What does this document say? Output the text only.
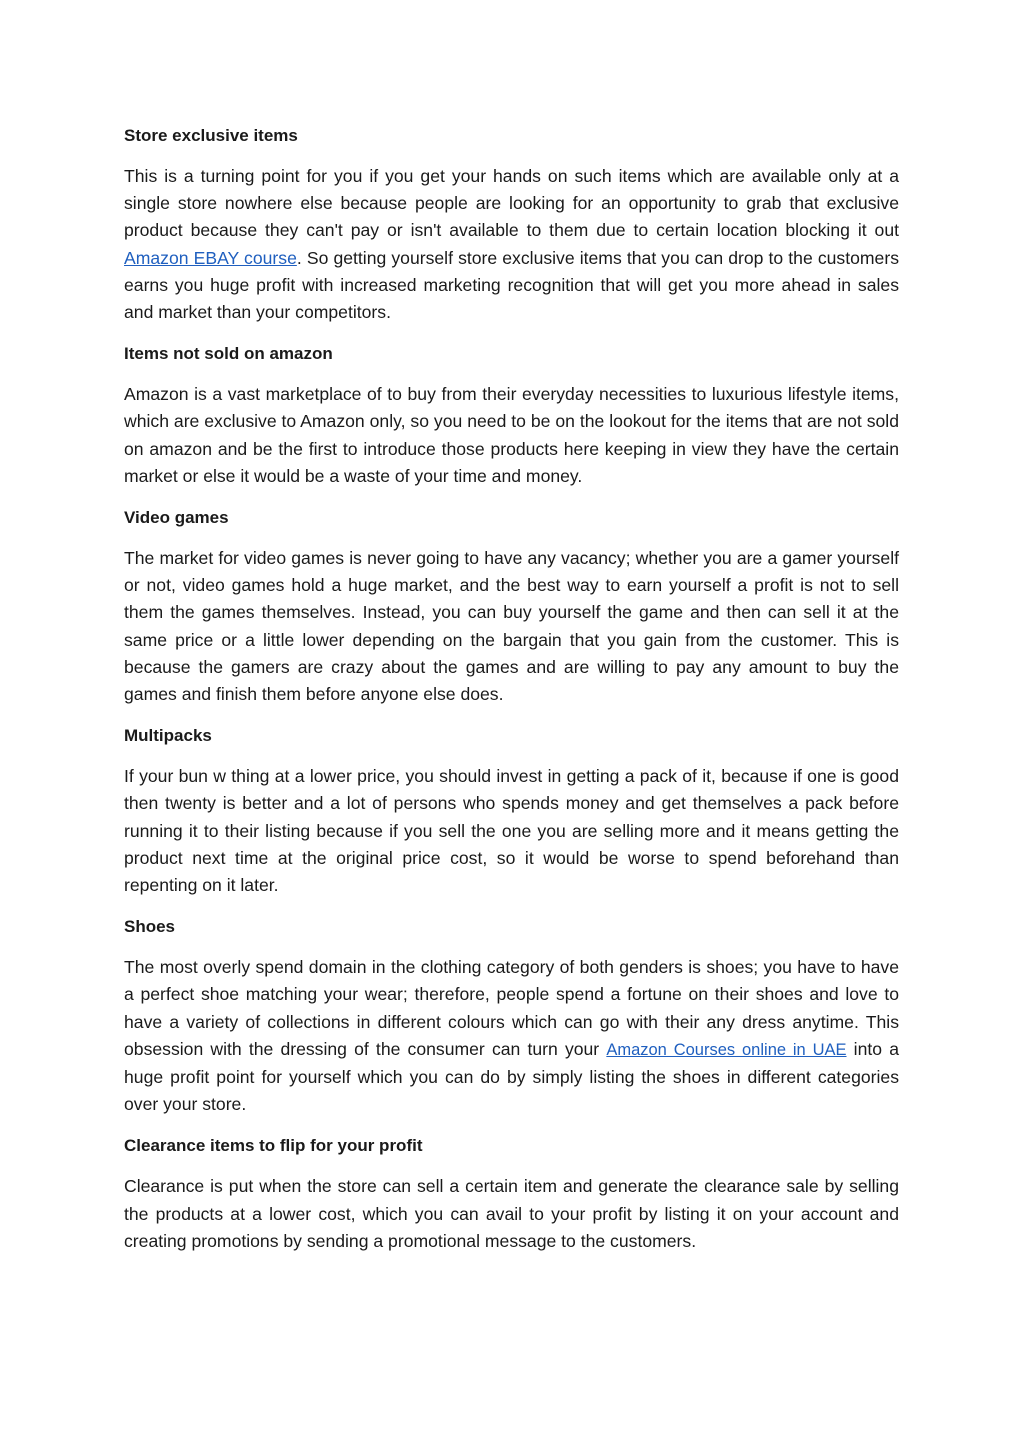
Store exclusive items

This is a turning point for you if you get your hands on such items which are available only at a single store nowhere else because people are looking for an opportunity to grab that exclusive product because they can't pay or isn't available to them due to certain location blocking it out Amazon EBAY course. So getting yourself store exclusive items that you can drop to the customers earns you huge profit with increased marketing recognition that will get you more ahead in sales and market than your competitors.

Items not sold on amazon

Amazon is a vast marketplace of to buy from their everyday necessities to luxurious lifestyle items, which are exclusive to Amazon only, so you need to be on the lookout for the items that are not sold on amazon and be the first to introduce those products here keeping in view they have the certain market or else it would be a waste of your time and money.

Video games

The market for video games is never going to have any vacancy; whether you are a gamer yourself or not, video games hold a huge market, and the best way to earn yourself a profit is not to sell them the games themselves. Instead, you can buy yourself the game and then can sell it at the same price or a little lower depending on the bargain that you gain from the customer. This is because the gamers are crazy about the games and are willing to pay any amount to buy the games and finish them before anyone else does.

Multipacks

If your bun w thing at a lower price, you should invest in getting a pack of it, because if one is good then twenty is better and a lot of persons who spends money and get themselves a pack before running it to their listing because if you sell the one you are selling more and it means getting the product next time at the original price cost, so it would be worse to spend beforehand than repenting on it later.

Shoes

The most overly spend domain in the clothing category of both genders is shoes; you have to have a perfect shoe matching your wear; therefore, people spend a fortune on their shoes and love to have a variety of collections in different colours which can go with their any dress anytime. This obsession with the dressing of the consumer can turn your Amazon Courses online in UAE into a huge profit point for yourself which you can do by simply listing the shoes in different categories over your store.

Clearance items to flip for your profit

Clearance is put when the store can sell a certain item and generate the clearance sale by selling the products at a lower cost, which you can avail to your profit by listing it on your account and creating promotions by sending a promotional message to the customers.
